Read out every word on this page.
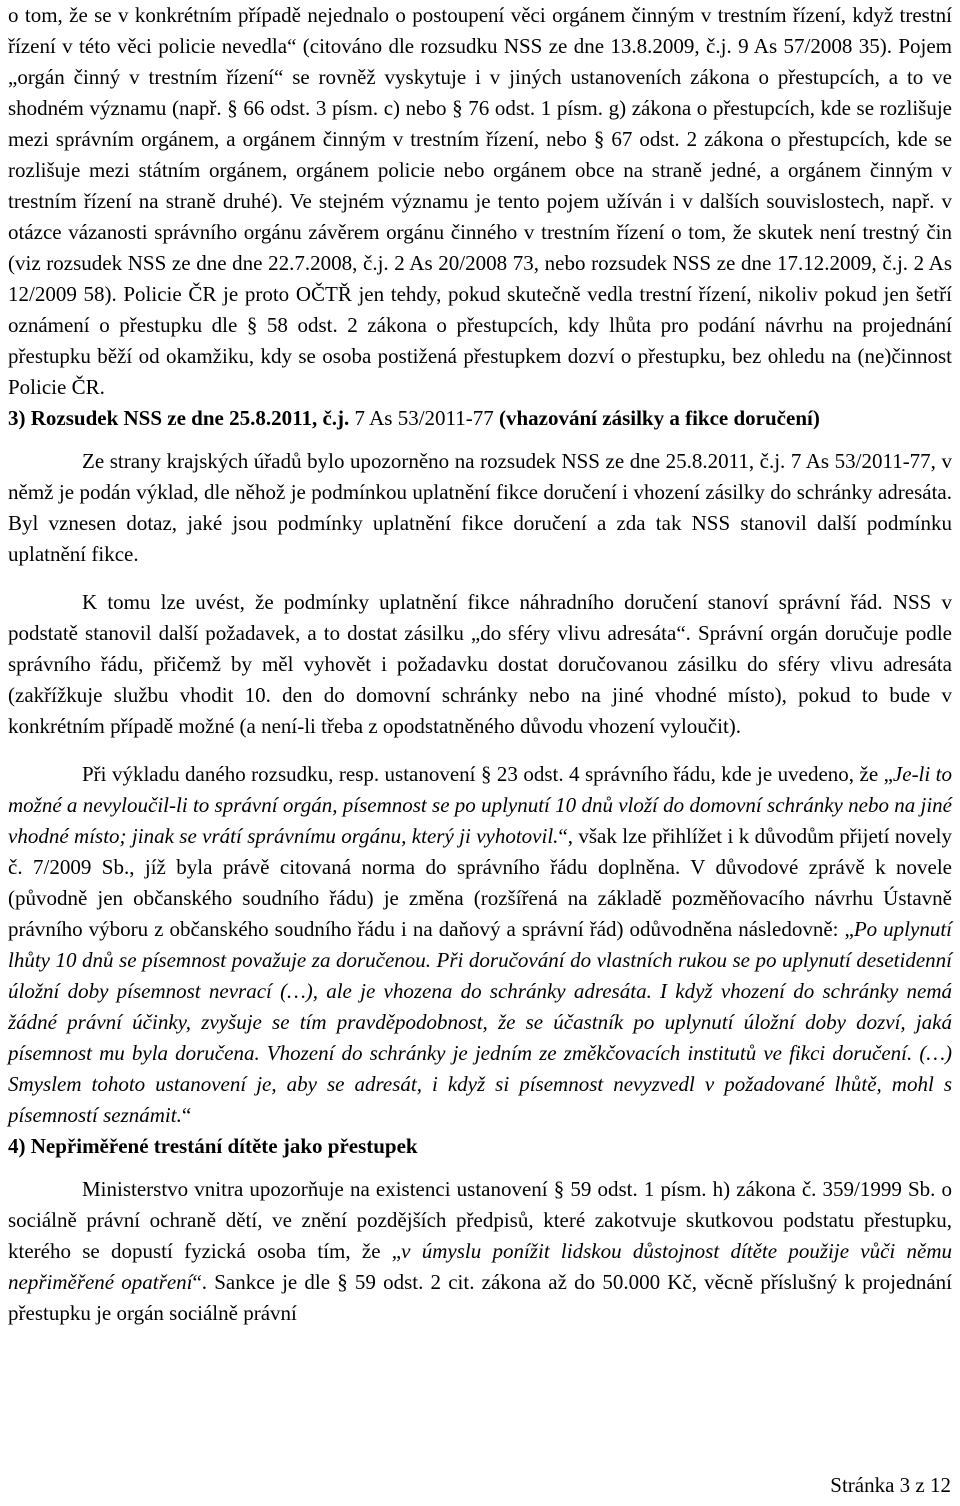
o tom, že se v konkrétním případě nejednalo o postoupení věci orgánem činným v trestním řízení, když trestní řízení v této věci policie nevedla“ (citováno dle rozsudku NSS ze dne 13.8.2009, č.j. 9 As 57/2008 35). Pojem „orgán činný v trestním řízení“ se rovněž vyskytuje i v jiných ustanoveních zákona o přestupcích, a to ve shodném významu (např. § 66 odst. 3 písm. c) nebo § 76 odst. 1 písm. g) zákona o přestupcích, kde se rozlišuje mezi správním orgánem, a orgánem činným v trestním řízení, nebo § 67 odst. 2 zákona o přestupcích, kde se rozlišuje mezi státním orgánem, orgánem policie nebo orgánem obce na straně jedné, a orgánem činným v trestním řízení na straně druhé). Ve stejném významu je tento pojem užíván i v dalších souvislostech, např. v otázce vázanosti správního orgánu závěrem orgánu činného v trestním řízení o tom, že skutek není trestný čin (viz rozsudek NSS ze dne dne 22.7.2008, č.j. 2 As 20/2008 73, nebo rozsudek NSS ze dne 17.12.2009, č.j. 2 As 12/2009 58). Policie ČR je proto OČTŘ jen tehdy, pokud skutečně vedla trestní řízení, nikoliv pokud jen šetří oznámení o přestupku dle § 58 odst. 2 zákona o přestupcích, kdy lhůta pro podání návrhu na projednání přestupku běží od okamžiku, kdy se osoba postižená přestupkem dozví o přestupku, bez ohledu na (ne)činnost Policie ČR.

3) Rozsudek NSS ze dne 25.8.2011, č.j. 7 As 53/2011-77 (vhazování zásilky a fikce doručení)

Ze strany krajských úřadů bylo upozorněno na rozsudek NSS ze dne 25.8.2011, č.j. 7 As 53/2011-77, v němž je podán výklad, dle něhož je podmínkou uplatnění fikce doručení i vhození zásilky do schránky adresáta. Byl vznesen dotaz, jaké jsou podmínky uplatnění fikce doručení a zda tak NSS stanovil další podmínku uplatnění fikce.

K tomu lze uvést, že podmínky uplatnění fikce náhradního doručení stanoví správní řád. NSS v podstatě stanovil další požadavek, a to dostat zásilku „do sféry vlivu adresáta“. Správní orgán doručuje podle správního řádu, přičemž by měl vyhovět i požadavku dostat doručovanou zásilku do sféry vlivu adresáta (zakřížkuje službu vhodit 10. den do domovní schránky nebo na jiné vhodné místo), pokud to bude v konkrétním případě možné (a není-li třeba z opodstatněného důvodu vhození vyloučit).

Při výkladu daného rozsudku, resp. ustanovení § 23 odst. 4 správního řádu, kde je uvedeno, že „Je-li to možné a nevyloučil-li to správní orgán, písemnost se po uplynutí 10 dnů vloží do domovní schránky nebo na jiné vhodné místo; jinak se vrátí správnímu orgánu, který ji vyhotovil.“, však lze přihlížet i k důvodům přijetí novely č. 7/2009 Sb., jíž byla právě citovaná norma do správního řádu doplněna. V důvodové zprávě k novele (původně jen občanského soudního řádu) je změna (rozšířená na základě pozměňovacího návrhu Ústavně právního výboru z občanského soudního řádu i na daňový a správní řád) odůvodněna následovně: „Po uplynutí lhůty 10 dnů se písemnost považuje za doručenou. Při doručování do vlastních rukou se po uplynutí desetidenní úložní doby písemnost nevrací (…), ale je vhozena do schránky adresáta. I když vhození do schránky nemá žádné právní účinky, zvyšuje se tím pravděpodobnost, že se účastník po uplynutí úložní doby dozví, jaká písemnost mu byla doručena. Vhození do schránky je jedním ze změkčovacích institutů ve fikci doručení. (…) Smyslem tohoto ustanovení je, aby se adresát, i když si písemnost nevyzvedl v požadované lhůtě, mohl s písemností seznámit.“

4) Nepřiměřené trestání dítěte jako přestupek

Ministerstvo vnitra upozorňuje na existenci ustanovení § 59 odst. 1 písm. h) zákona č. 359/1999 Sb. o sociálně právní ochraně dětí, ve znění pozdějších předpisů, které zakotvuje skutkovou podstatu přestupku, kterého se dopustí fyzická osoba tím, že „v úmyslu ponížit lidskou důstojnost dítěte použije vůči němu nepřiměřené opatření“. Sankce je dle § 59 odst. 2 cit. zákona až do 50.000 Kč, věcně příslušný k projednání přestupku je orgán sociálně právní

Stránka 3 z 12
